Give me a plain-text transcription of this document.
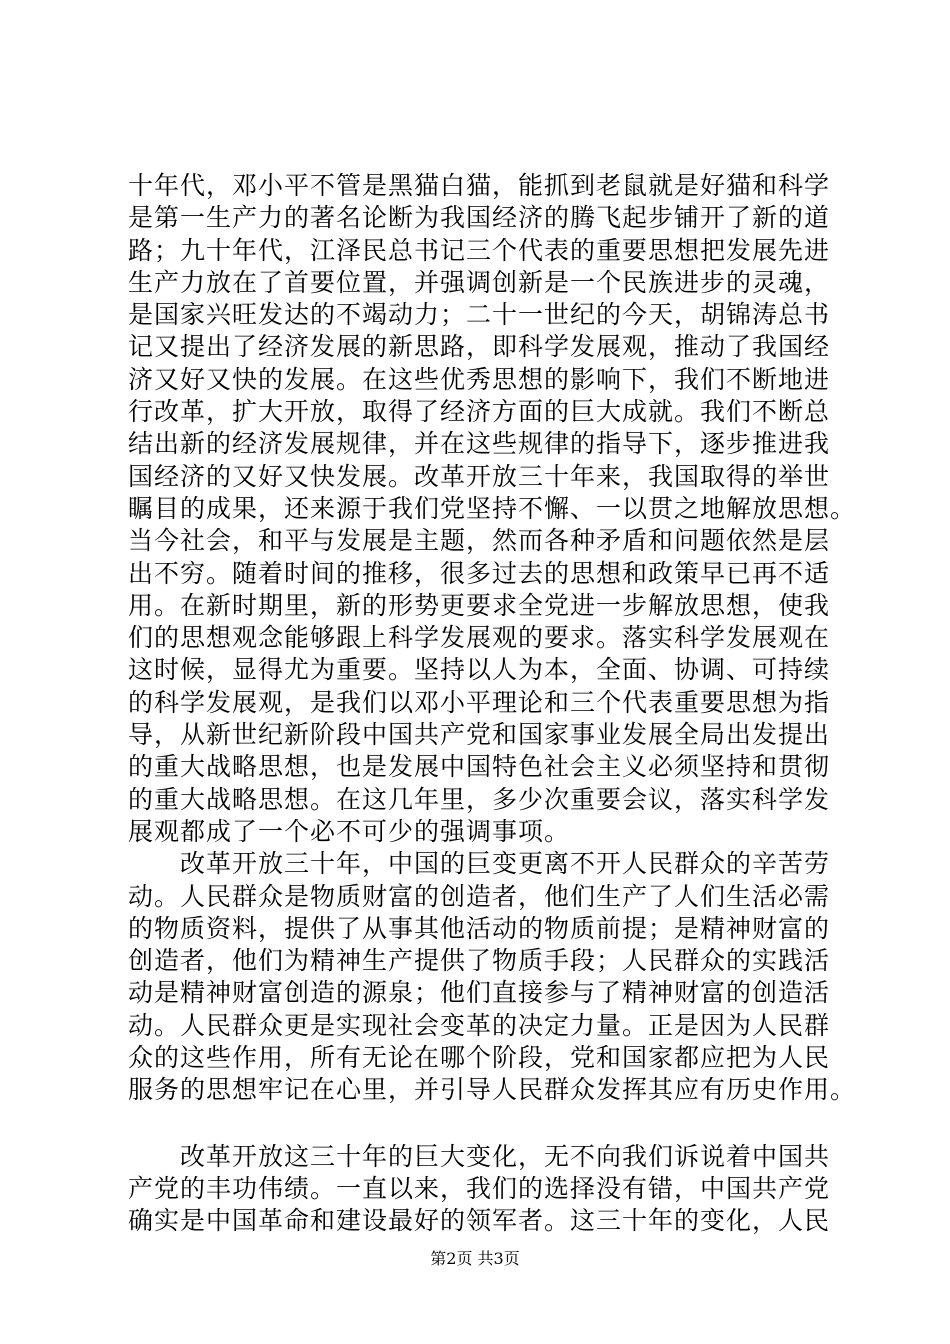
十年代，邓小平不管是黑猫白猫，能抓到老鼠就是好猫和科学
是第一生产力的著名论断为我国经济的腾飞起步铺开了新的道
路；九十年代，江泽民总书记三个代表的重要思想把发展先进
生产力放在了首要位置，并强调创新是一个民族进步的灵魂，
是国家兴旺发达的不竭动力；二十一世纪的今天，胡锦涛总书
记又提出了经济发展的新思路，即科学发展观，推动了我国经
济又好又快的发展。在这些优秀思想的影响下，我们不断地进
行改革，扩大开放，取得了经济方面的巨大成就。我们不断总
结出新的经济发展规律，并在这些规律的指导下，逐步推进我
国经济的又好又快发展。改革开放三十年来，我国取得的举世
瞩目的成果，还来源于我们党坚持不懈、一以贯之地解放思想。
当今社会，和平与发展是主题，然而各种矛盾和问题依然是层
出不穷。随着时间的推移，很多过去的思想和政策早已再不适
用。在新时期里，新的形势更要求全党进一步解放思想，使我
们的思想观念能够跟上科学发展观的要求。落实科学发展观在
这时候，显得尤为重要。坚持以人为本，全面、协调、可持续
的科学发展观，是我们以邓小平理论和三个代表重要思想为指
导，从新世纪新阶段中国共产党和国家事业发展全局出发提出
的重大战略思想，也是发展中国特色社会主义必须坚持和贯彻
的重大战略思想。在这几年里，多少次重要会议，落实科学发
展观都成了一个必不可少的强调事项。
改革开放三十年，中国的巨变更离不开人民群众的辛苦劳
动。人民群众是物质财富的创造者，他们生产了人们生活必需
的物质资料，提供了从事其他活动的物质前提；是精神财富的
创造者，他们为精神生产提供了物质手段；人民群众的实践活
动是精神财富创造的源泉；他们直接参与了精神财富的创造活
动。人民群众更是实现社会变革的决定力量。正是因为人民群
众的这些作用，所有无论在哪个阶段，党和国家都应把为人民
服务的思想牢记在心里，并引导人民群众发挥其应有历史作用。
改革开放这三十年的巨大变化，无不向我们诉说着中国共
产党的丰功伟绩。一直以来，我们的选择没有错，中国共产党
确实是中国革命和建设最好的领军者。这三十年的变化，人民
第2页 共3页
